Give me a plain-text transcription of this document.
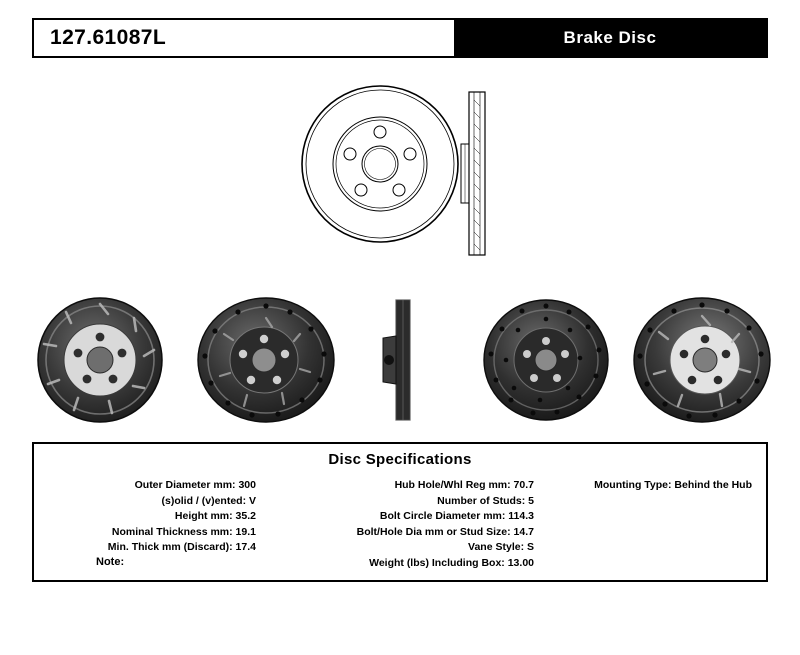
127.61087L	Brake Disc
Disc Specifications
Outer Diameter mm: 300
(s)olid / (v)ented: V
Height mm: 35.2
Nominal Thickness mm: 19.1
Min. Thick mm (Discard): 17.4
Hub Hole/Whl Reg mm: 70.7
Number of Studs: 5
Bolt Circle Diameter mm: 114.3
Bolt/Hole Dia mm or Stud Size: 14.7
Vane Style: S
Weight (lbs) Including Box: 13.00
Mounting Type: Behind the Hub
Note:
